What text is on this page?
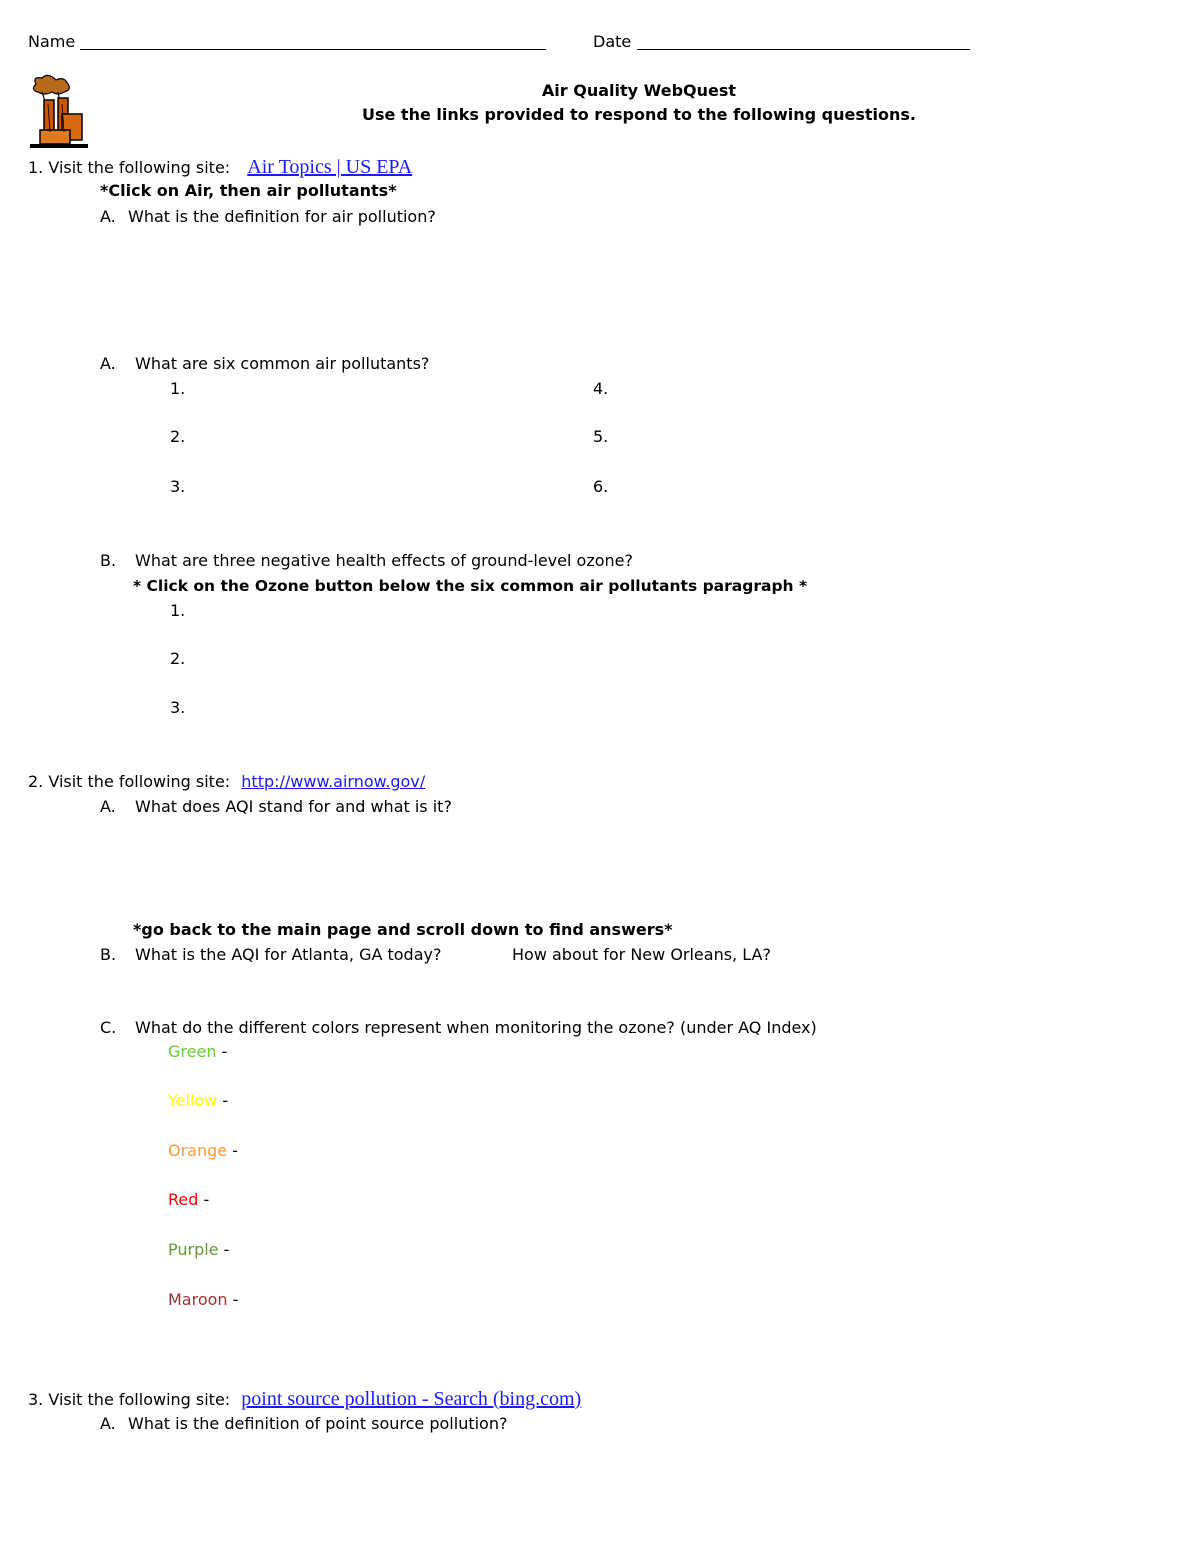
Name	Date
Air Quality WebQuest
Use the links provided to respond to the following questions.
1. Visit the following site: Air Topics | US EPA
*Click on Air, then air pollutants*
A. What is the definition for air pollution?
A. What are six common air pollutants?
1.
2.
3.
4.
5.
6.
B. What are three negative health effects of ground-level ozone?
* Click on the Ozone button below the six common air pollutants paragraph *
1.
2.
3.
2. Visit the following site: http://www.airnow.gov/
A. What does AQI stand for and what is it?
*go back to the main page and scroll down to find answers*
B. What is the AQI for Atlanta, GA today?	How about for New Orleans, LA?
C. What do the different colors represent when monitoring the ozone? (under AQ Index)
Green -
Yellow -
Orange -
Red -
Purple -
Maroon -
3. Visit the following site: point source pollution - Search (bing.com)
A. What is the definition of point source pollution?
